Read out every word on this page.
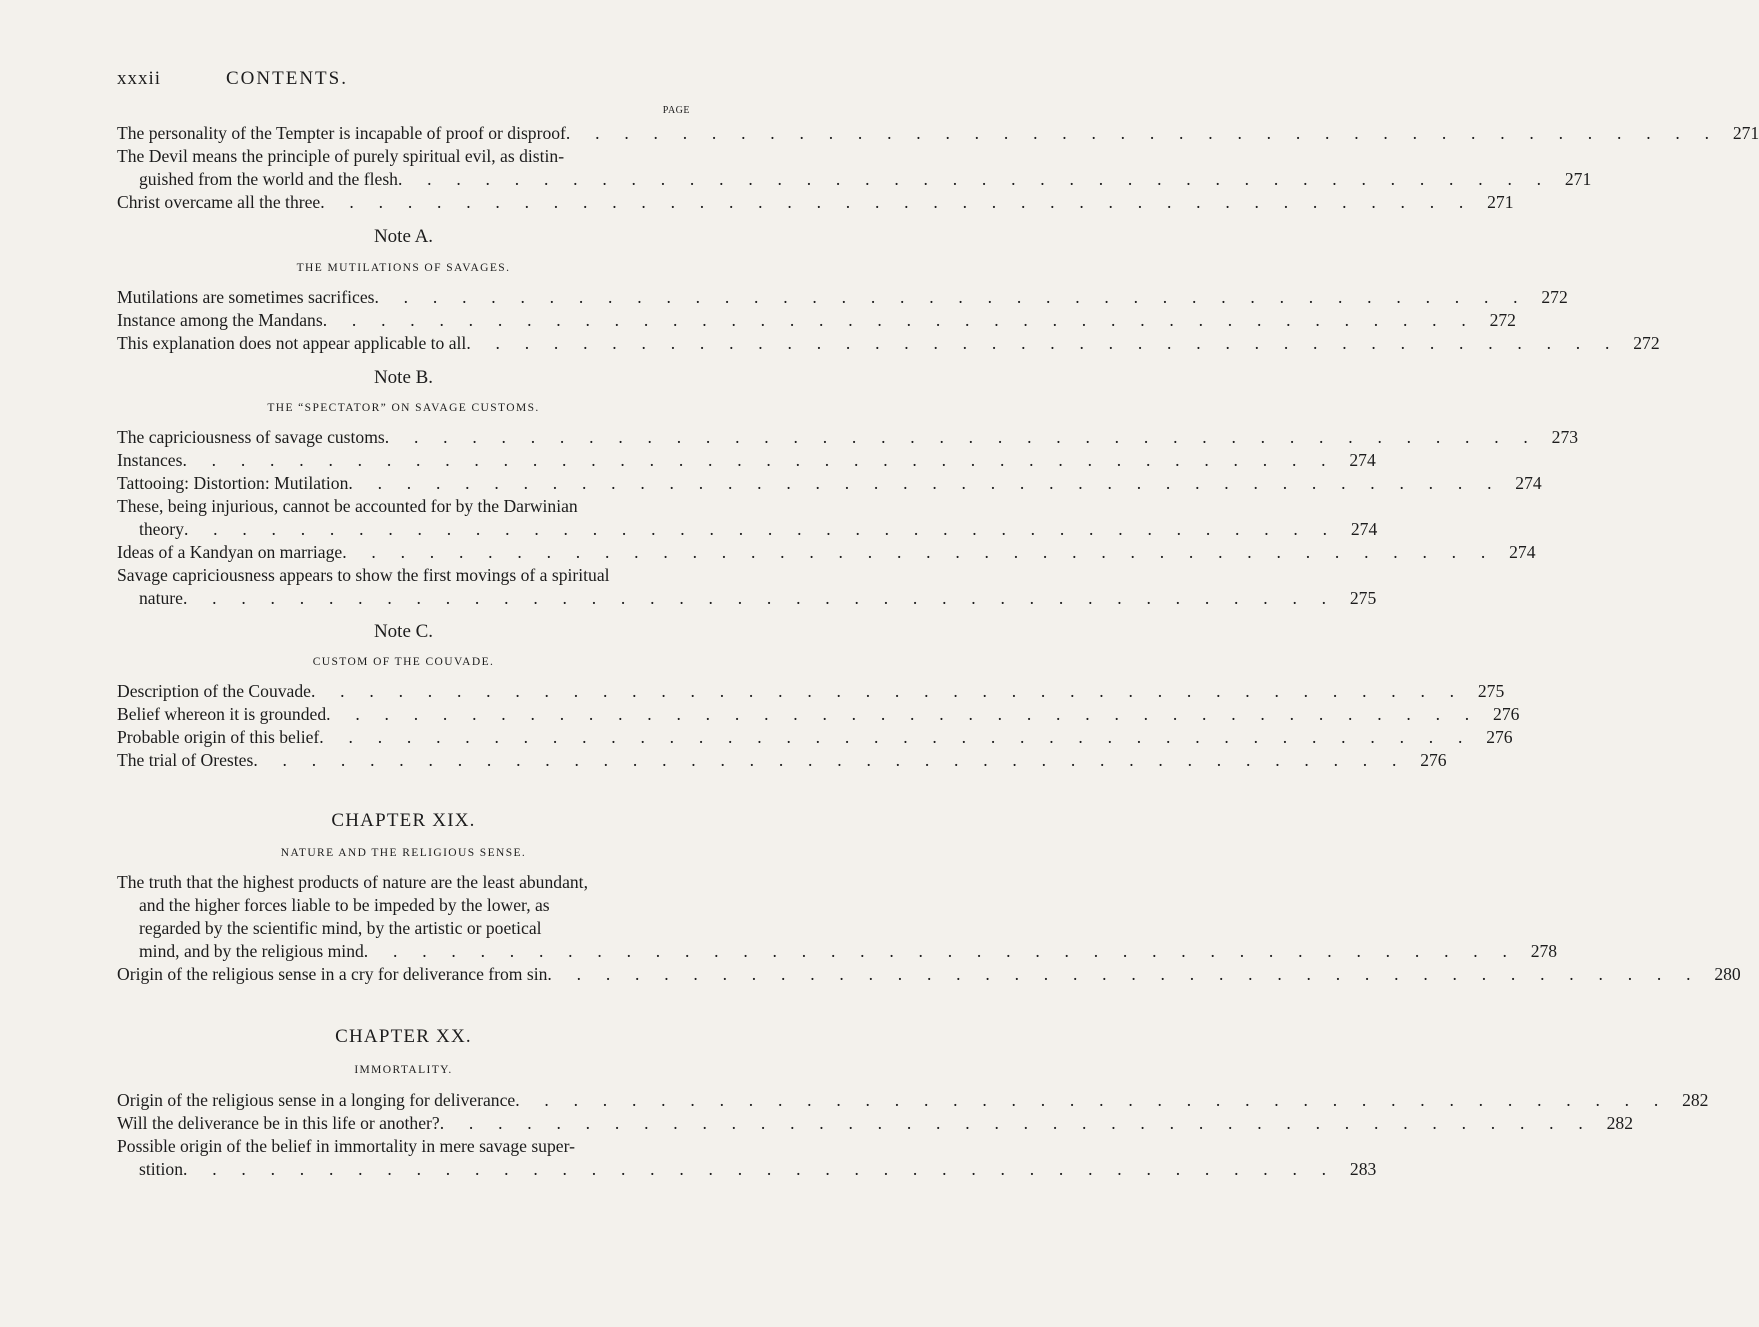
xxxii	CONTENTS.
PAGE
The personality of the Tempter is incapable of proof or disproof . . . . . . . . . . . . . . . . . . . . . . . . . . . . . . . . . . . . . . . . 271
The Devil means the principle of purely spiritual evil, as distin-
guished from the world and the flesh . . . . . . . . . . . . . . . . . . . . . . . . . . . . . . . . . . . . . . . . 271
Christ overcame all the three . . . . . . . . . . . . . . . . . . . . . . . . . . . . . . . . . . . . . . . . 271
Note A.
THE MUTILATIONS OF SAVAGES.
Mutilations are sometimes sacrifices . . . . . . . . . . . . . . . . . . . . . . . . . . . . . . . . . . . . . . . . 272
Instance among the Mandans . . . . . . . . . . . . . . . . . . . . . . . . . . . . . . . . . . . . . . . . 272
This explanation does not appear applicable to all . . . . . . . . . . . . . . . . . . . . . . . . . . . . . . . . . . . . . . . . 272
Note B.
THE “SPECTATOR” ON SAVAGE CUSTOMS.
The capriciousness of savage customs . . . . . . . . . . . . . . . . . . . . . . . . . . . . . . . . . . . . . . . . 273
Instances . . . . . . . . . . . . . . . . . . . . . . . . . . . . . . . . . . . . . . . . 274
Tattooing: Distortion: Mutilation . . . . . . . . . . . . . . . . . . . . . . . . . . . . . . . . . . . . . . . . 274
These, being injurious, cannot be accounted for by the Darwinian
theory . . . . . . . . . . . . . . . . . . . . . . . . . . . . . . . . . . . . . . . . 274
Ideas of a Kandyan on marriage . . . . . . . . . . . . . . . . . . . . . . . . . . . . . . . . . . . . . . . . 274
Savage capriciousness appears to show the first movings of a spiritual
nature . . . . . . . . . . . . . . . . . . . . . . . . . . . . . . . . . . . . . . . . 275
Note C.
CUSTOM OF THE COUVADE.
Description of the Couvade . . . . . . . . . . . . . . . . . . . . . . . . . . . . . . . . . . . . . . . . 275
Belief whereon it is grounded . . . . . . . . . . . . . . . . . . . . . . . . . . . . . . . . . . . . . . . . 276
Probable origin of this belief . . . . . . . . . . . . . . . . . . . . . . . . . . . . . . . . . . . . . . . . 276
The trial of Orestes . . . . . . . . . . . . . . . . . . . . . . . . . . . . . . . . . . . . . . . . 276
CHAPTER XIX.
NATURE AND THE RELIGIOUS SENSE.
The truth that the highest products of nature are the least abundant,
and the higher forces liable to be impeded by the lower, as
regarded by the scientific mind, by the artistic or poetical
mind, and by the religious mind . . . . . . . . . . . . . . . . . . . . . . . . . . . . . . . . . . . . . . . . 278
Origin of the religious sense in a cry for deliverance from sin . . . . . . . . . . . . . . . . . . . . . . . . . . . . . . . . . . . . . . . . 280
CHAPTER XX.
IMMORTALITY.
Origin of the religious sense in a longing for deliverance . . . . . . . . . . . . . . . . . . . . . . . . . . . . . . . . . . . . . . . . 282
Will the deliverance be in this life or another? . . . . . . . . . . . . . . . . . . . . . . . . . . . . . . . . . . . . . . . . 282
Possible origin of the belief in immortality in mere savage super-
stition . . . . . . . . . . . . . . . . . . . . . . . . . . . . . . . . . . . . . . . . 283
